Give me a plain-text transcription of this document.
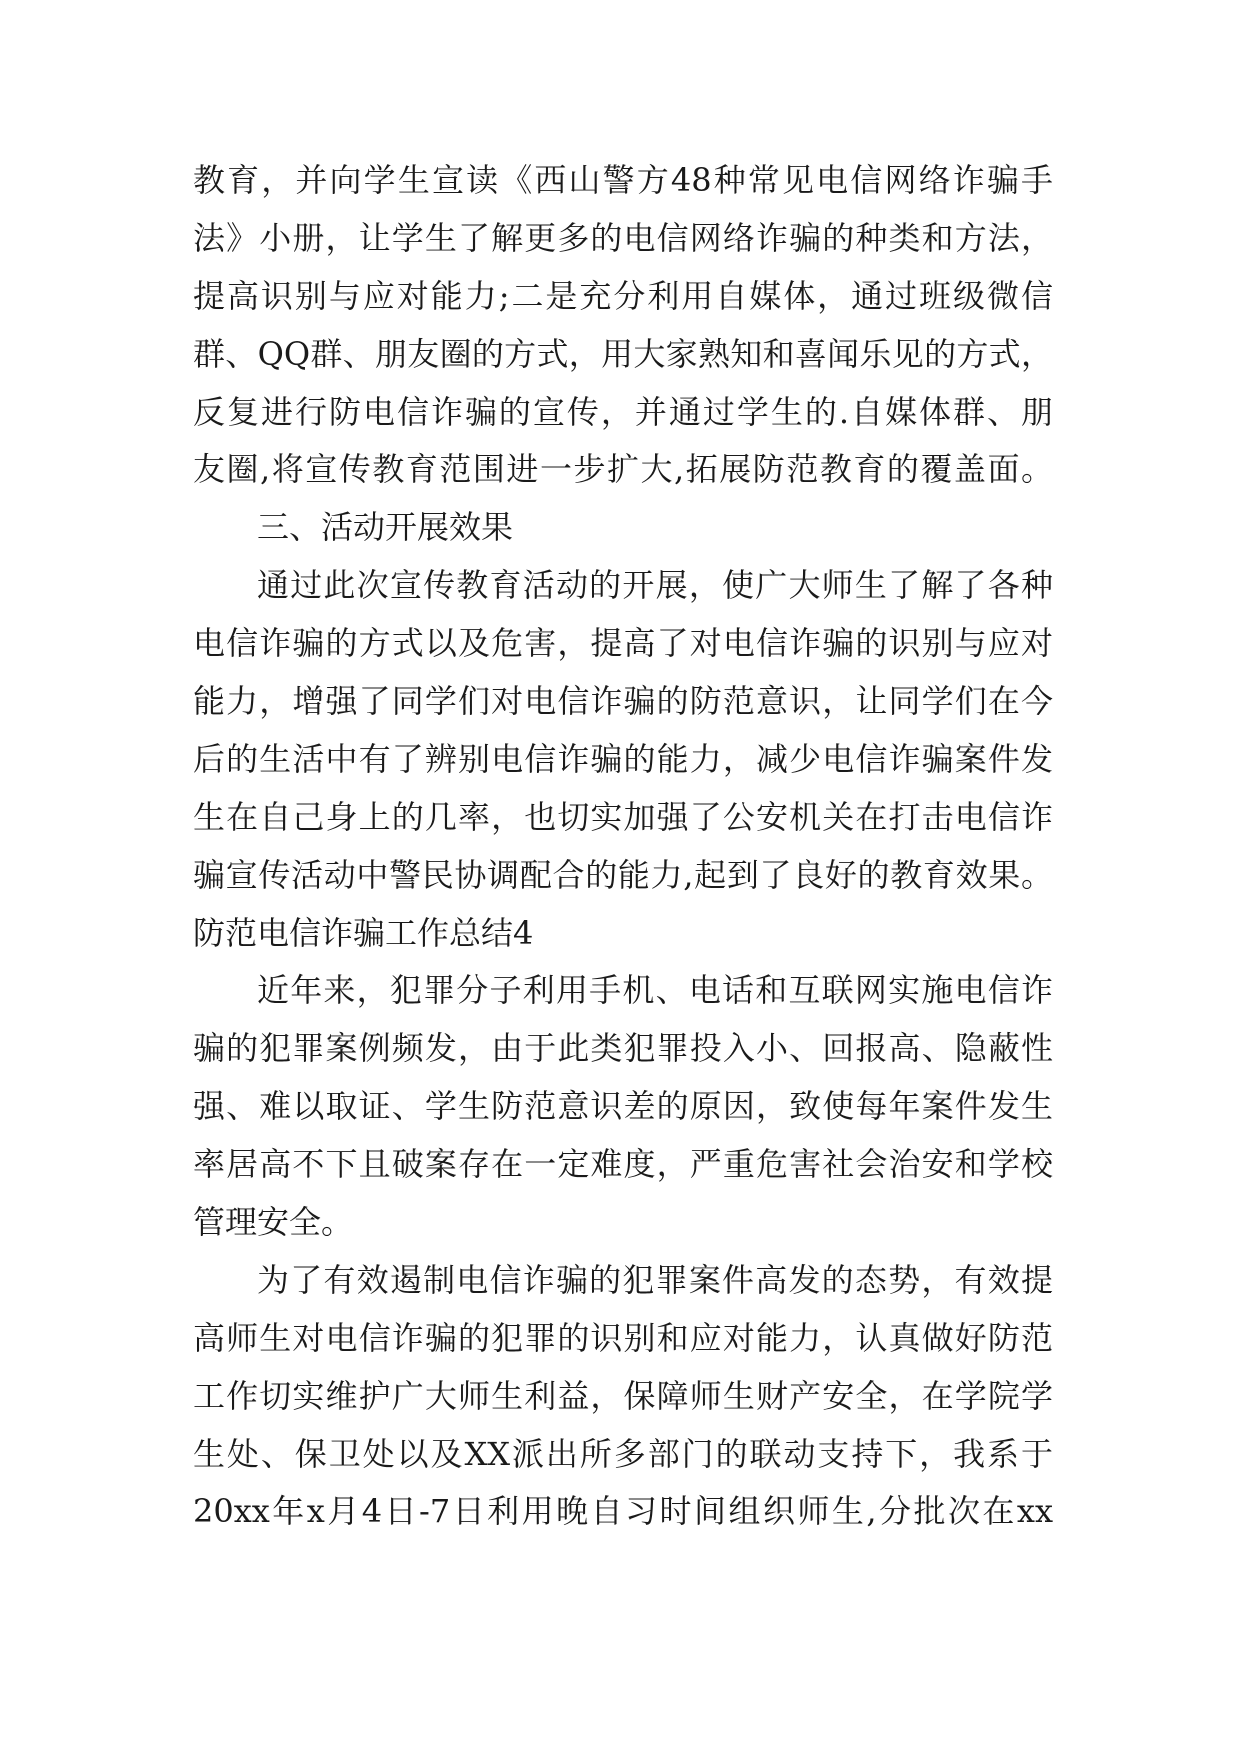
教育，并向学生宣读《西山警方48种常见电信网络诈骗手
法》小册，让学生了解更多的电信网络诈骗的种类和方法，
提高识别与应对能力;二是充分利用自媒体，通过班级微信
群、QQ群、朋友圈的方式，用大家熟知和喜闻乐见的方式，
反复进行防电信诈骗的宣传，并通过学生的.自媒体群、朋
友圈,将宣传教育范围进一步扩大,拓展防范教育的覆盖面。
三、活动开展效果
通过此次宣传教育活动的开展，使广大师生了解了各种
电信诈骗的方式以及危害，提高了对电信诈骗的识别与应对
能力，增强了同学们对电信诈骗的防范意识，让同学们在今
后的生活中有了辨别电信诈骗的能力，减少电信诈骗案件发
生在自己身上的几率，也切实加强了公安机关在打击电信诈
骗宣传活动中警民协调配合的能力,起到了良好的教育效果。
防范电信诈骗工作总结4
近年来，犯罪分子利用手机、电话和互联网实施电信诈
骗的犯罪案例频发，由于此类犯罪投入小、回报高、隐蔽性
强、难以取证、学生防范意识差的原因，致使每年案件发生
率居高不下且破案存在一定难度，严重危害社会治安和学校
管理安全。
为了有效遏制电信诈骗的犯罪案件高发的态势，有效提
高师生对电信诈骗的犯罪的识别和应对能力，认真做好防范
工作切实维护广大师生利益，保障师生财产安全，在学院学
生处、保卫处以及XX派出所多部门的联动支持下，我系于
20xx年x月4日-7日利用晚自习时间组织师生,分批次在xx
